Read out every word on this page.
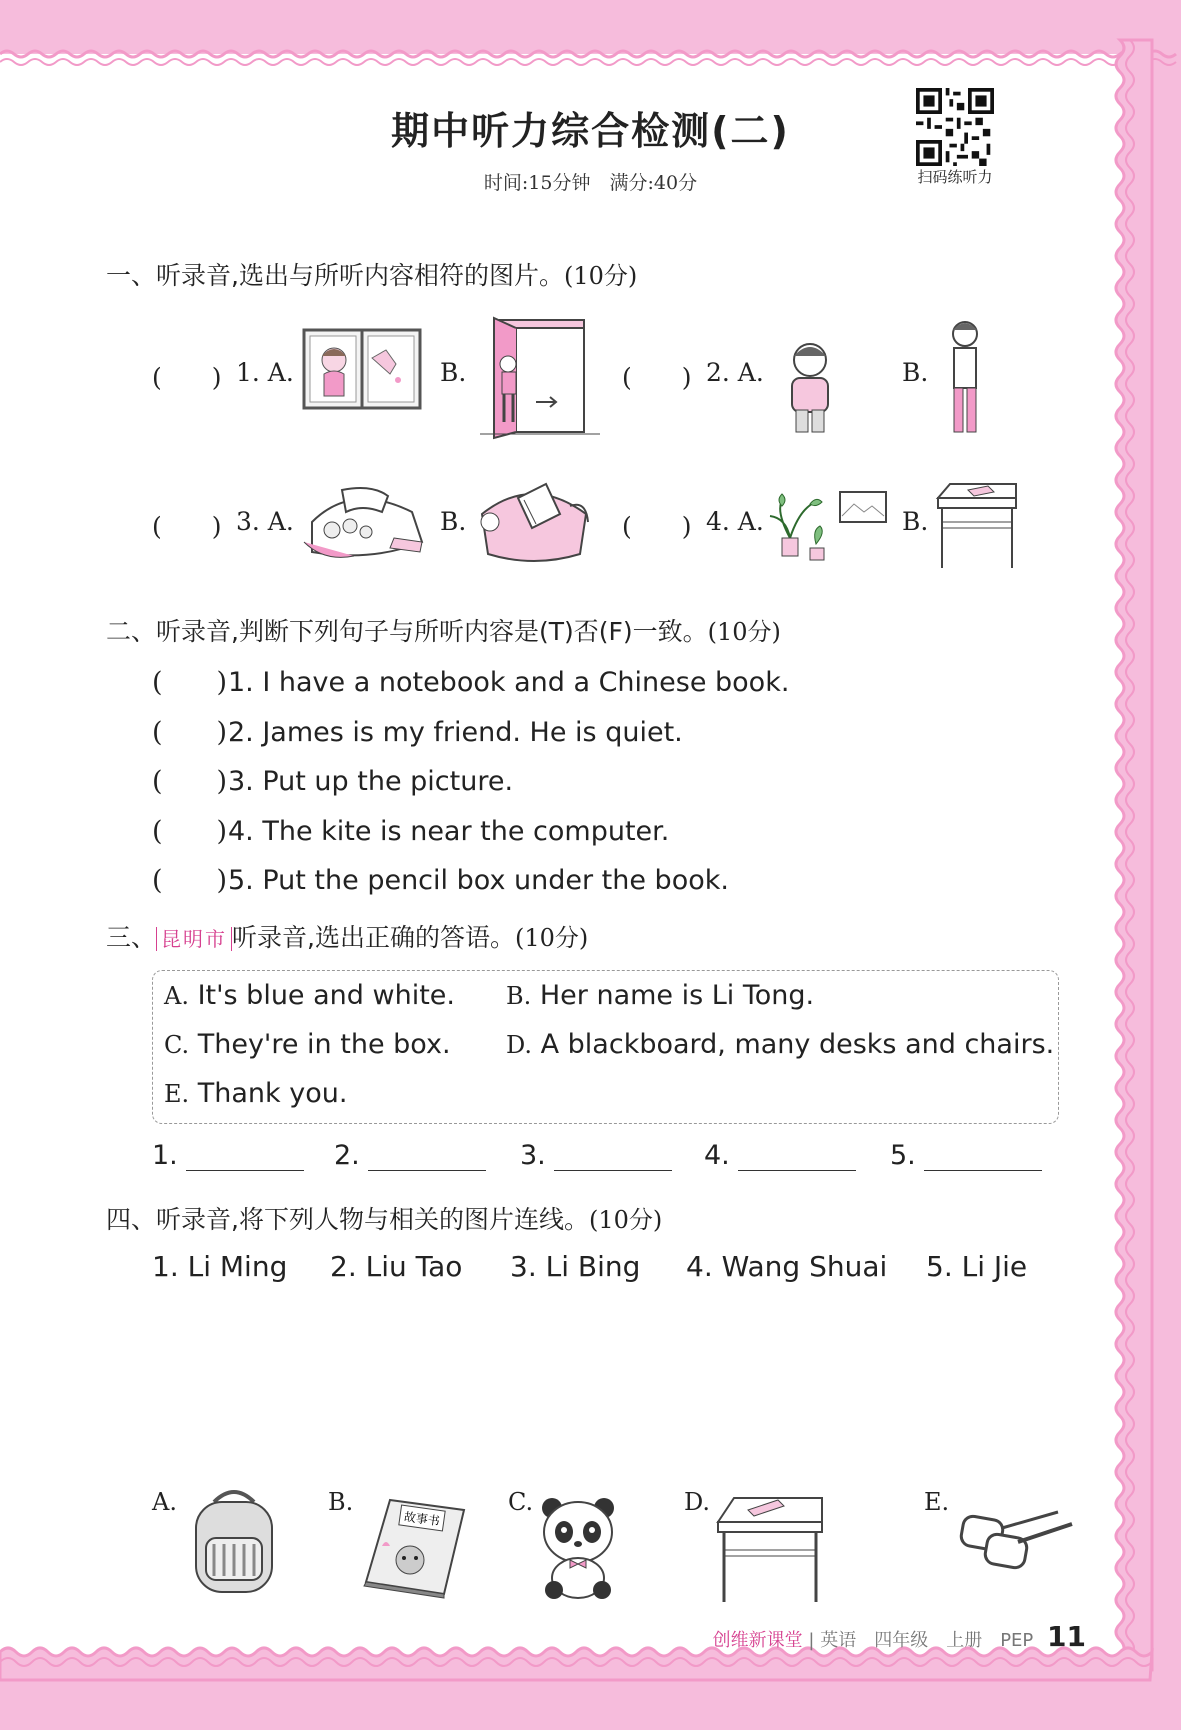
期中听力综合检测(二)
时间:15分钟　满分:40分	扫码练听力
一、听录音,选出与所听内容相符的图片。(10分)
(　　) 1. A.	B.	(　　) 2. A.	B.
(　　) 3. A.	B.	(　　) 4. A.	B.
二、听录音,判断下列句子与所听内容是(T)否(F)一致。(10分)
(　　)1. I have a notebook and a Chinese book.
(　　)2. James is my friend. He is quiet.
(　　)3. Put up the picture.
(　　)4. The kite is near the computer.
(　　)5. Put the pencil box under the book.
三、 昆明市 听录音,选出正确的答语。(10分)
A. It's blue and white. B. Her name is Li Tong.
C. They're in the box. D. A blackboard, many desks and chairs.
E. Thank you.
1.	2.	3.	4.	5.
四、听录音,将下列人物与相关的图片连线。(10分)
1. Li Ming 2. Liu Tao 3. Li Bing 4. Wang Shuai 5. Li Jie
A.	B.	C.	D.	E.
故事书
创维新课堂 | 英语　四年级　上册　PEP 11
